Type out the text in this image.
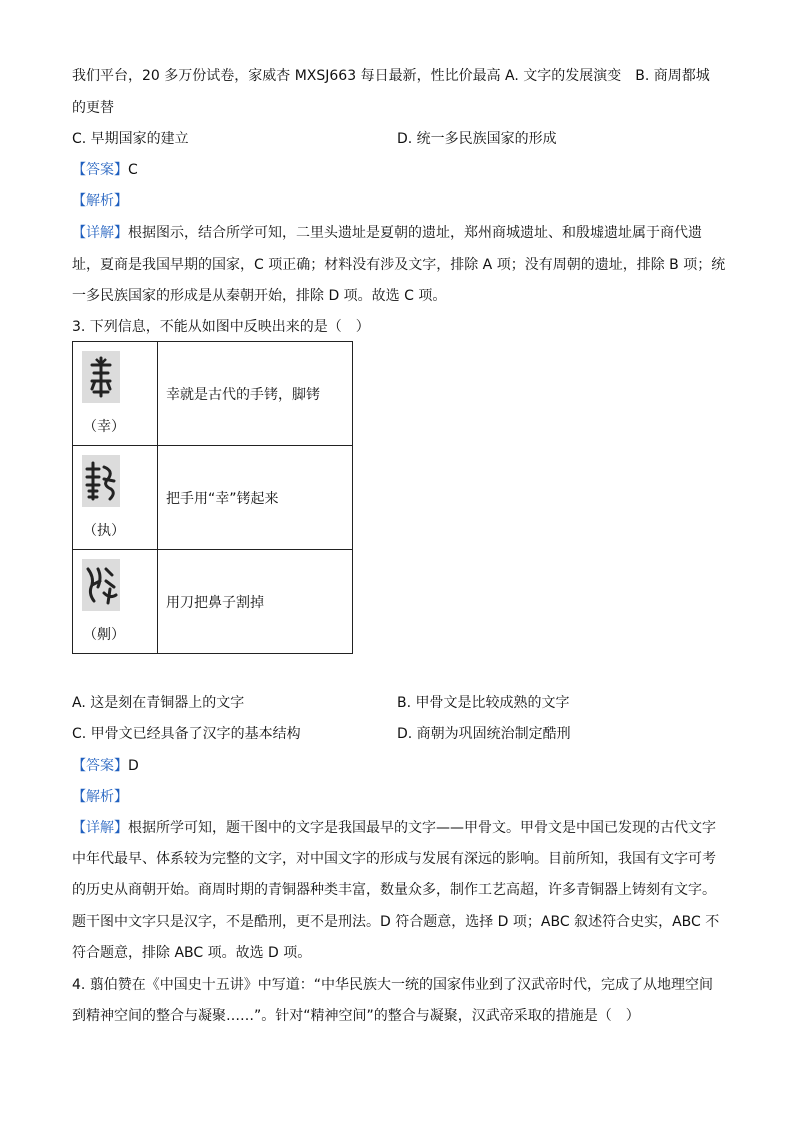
我们平台，20 多万份试卷，家威杏 MXSJ663 每日最新，性比价最高 A. 文字的发展演变　B. 商周都城
的更替
C. 早期国家的建立	D. 统一多民族国家的形成
【答案】C
【解析】
【详解】根据图示，结合所学可知，二里头遗址是夏朝的遗址，郑州商城遗址、和殷墟遗址属于商代遗
址，夏商是我国早期的国家，C 项正确；材料没有涉及文字，排除 A 项；没有周朝的遗址，排除 B 项；统
一多民族国家的形成是从秦朝开始，排除 D 项。故选 C 项。
3. 下列信息，不能从如图中反映出来的是（　）
（幸）	幸就是古代的手铐，脚铐

（执）	把手用“幸”铐起来

（劓）	用刀把鼻子割掉
A. 这是刻在青铜器上的文字	B. 甲骨文是比较成熟的文字
C. 甲骨文已经具备了汉字的基本结构	D. 商朝为巩固统治制定酷刑
【答案】D
【解析】
【详解】根据所学可知，题干图中的文字是我国最早的文字——甲骨文。甲骨文是中国已发现的古代文字
中年代最早、体系较为完整的文字，对中国文字的形成与发展有深远的影响。目前所知，我国有文字可考
的历史从商朝开始。商周时期的青铜器种类丰富，数量众多，制作工艺高超，许多青铜器上铸刻有文字。
题干图中文字只是汉字，不是酷刑，更不是刑法。D 符合题意，选择 D 项；ABC 叙述符合史实，ABC 不
符合题意，排除 ABC 项。故选 D 项。
4. 翦伯赞在《中国史十五讲》中写道：“中华民族大一统的国家伟业到了汉武帝时代，完成了从地理空间
到精神空间的整合与凝聚……”。针对“精神空间”的整合与凝聚，汉武帝采取的措施是（　）
